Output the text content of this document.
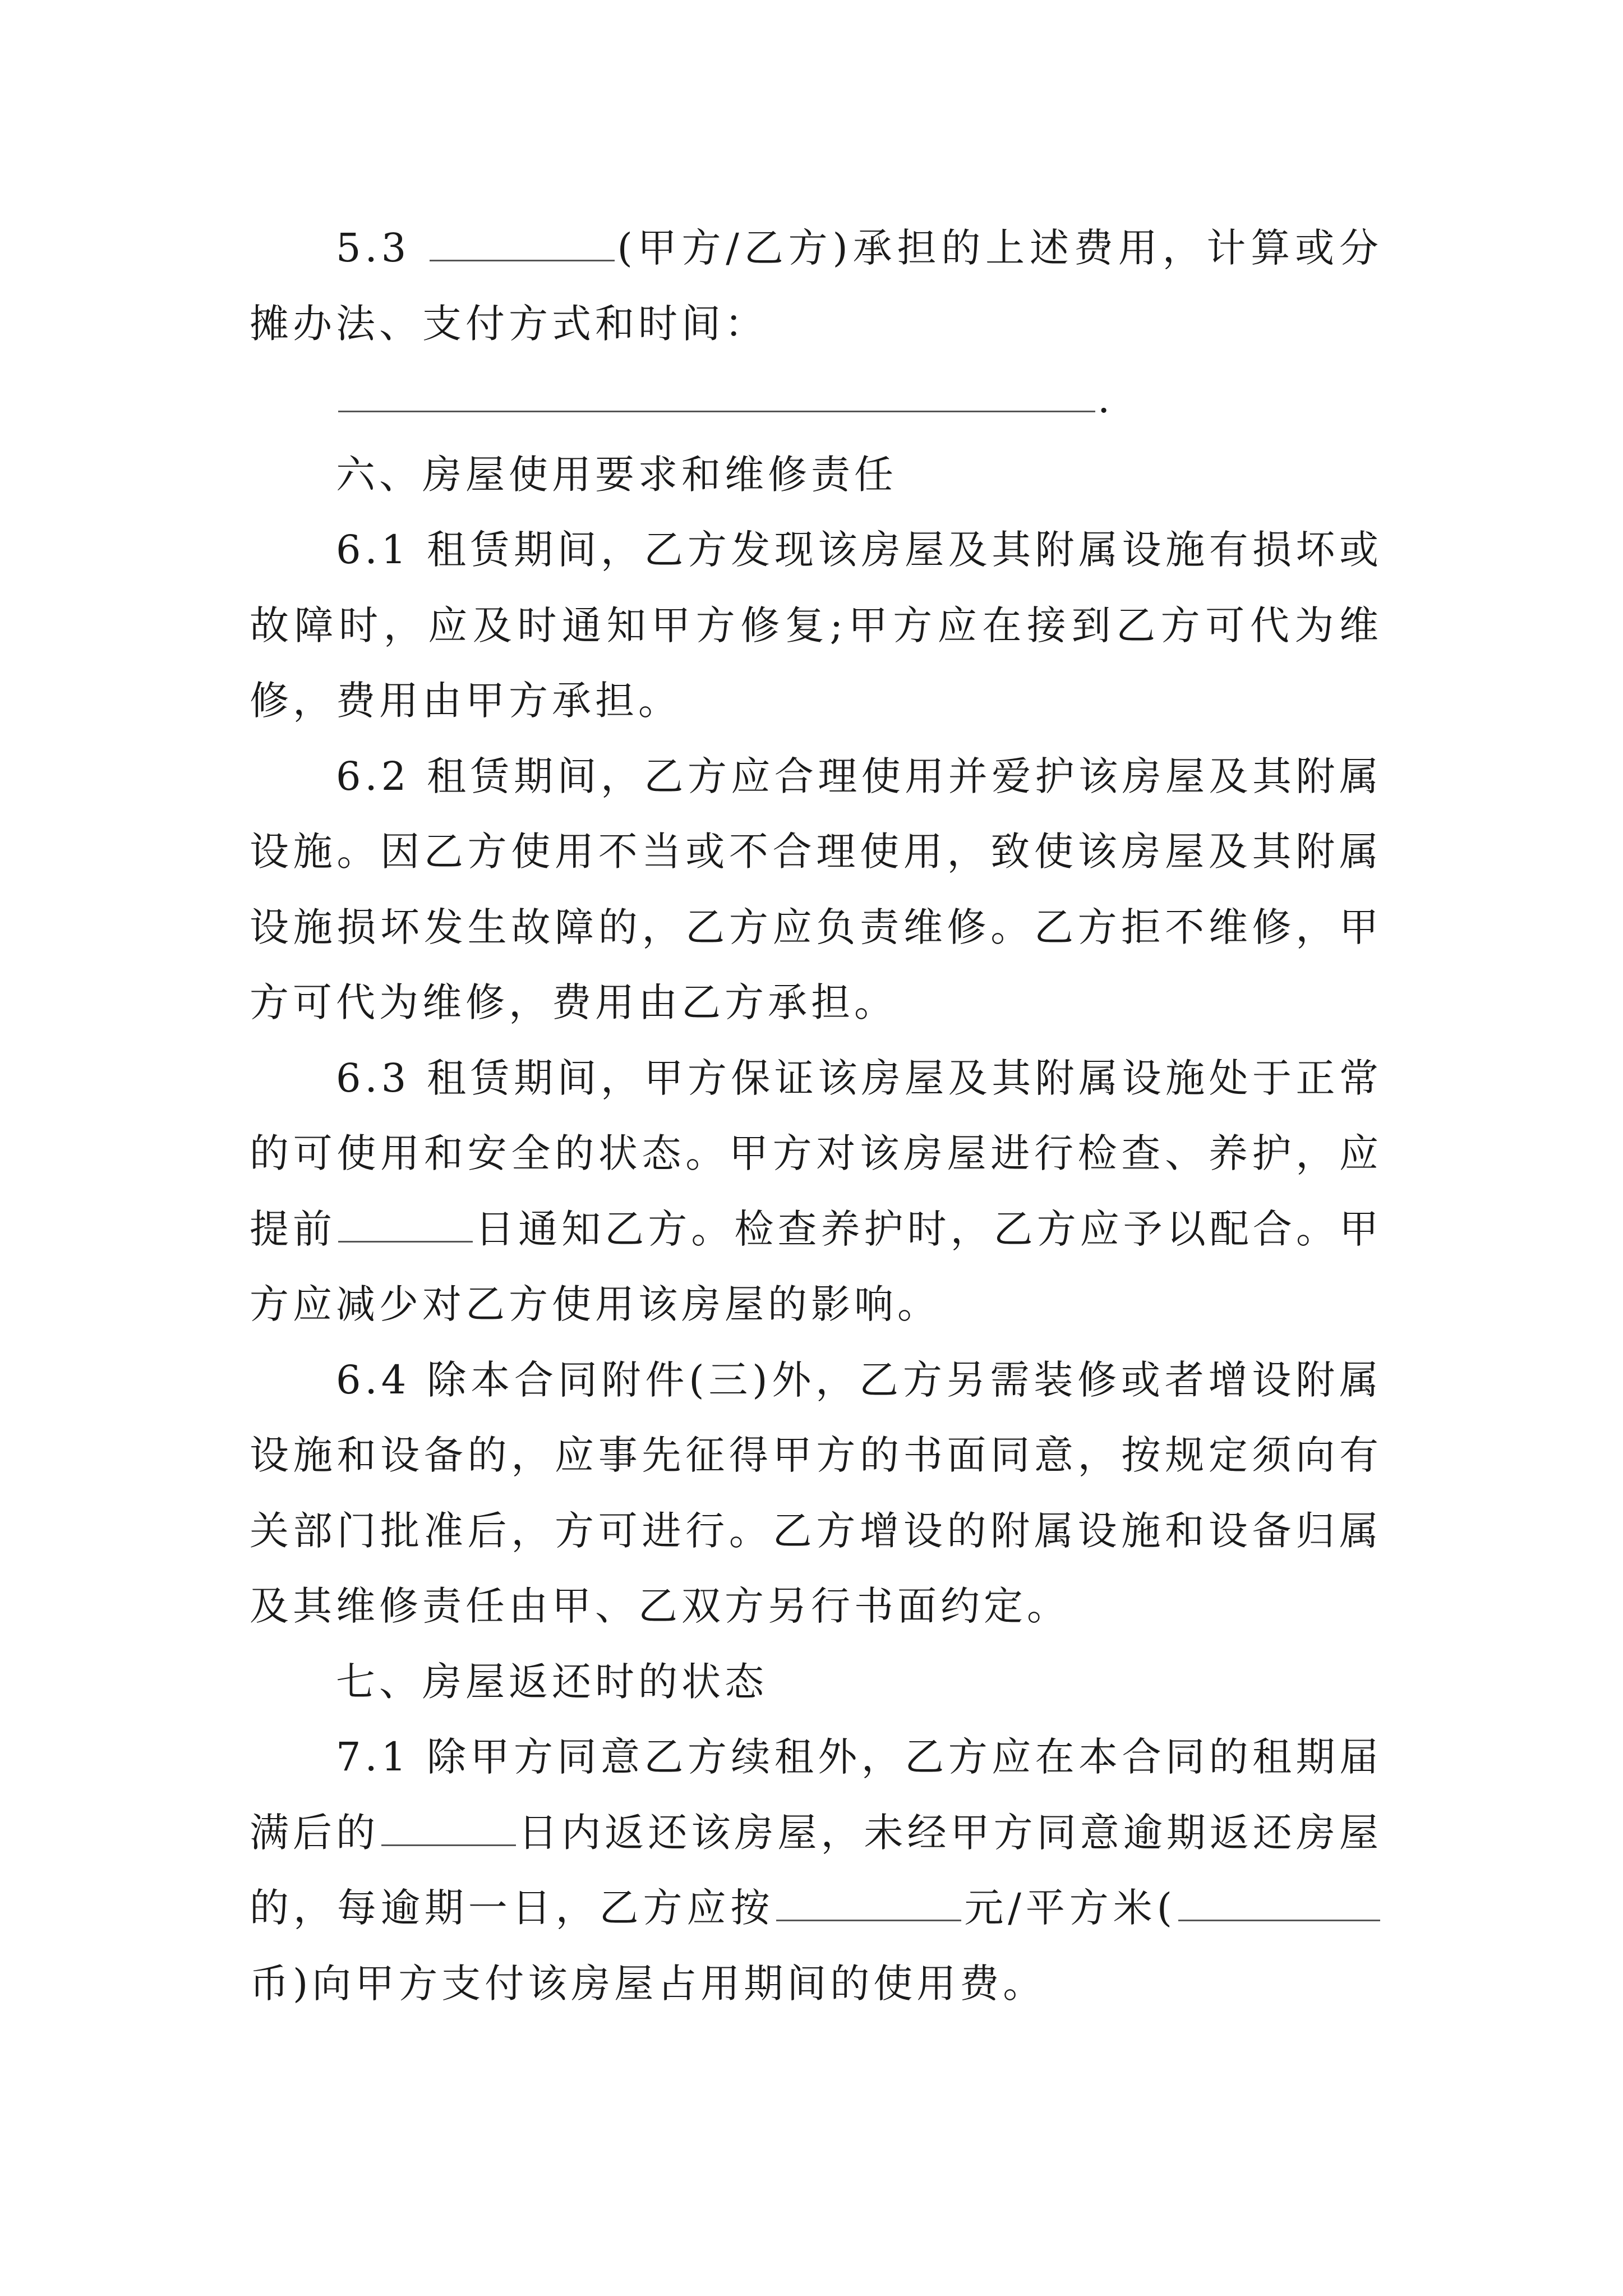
5.3	(甲方/乙方)承担的上述费用，计算或分摊办法、支付方式和时间：

.

六、房屋使用要求和维修责任

6.1 租赁期间，乙方发现该房屋及其附属设施有损坏或故障时，应及时通知甲方修复;甲方应在接到乙方可代为维修，费用由甲方承担。

6.2 租赁期间，乙方应合理使用并爱护该房屋及其附属设施。因乙方使用不当或不合理使用，致使该房屋及其附属设施损坏发生故障的，乙方应负责维修。乙方拒不维修，甲方可代为维修，费用由乙方承担。

6.3 租赁期间，甲方保证该房屋及其附属设施处于正常的可使用和安全的状态。甲方对该房屋进行检查、养护，应提前	日通知乙方。检查养护时，乙方应予以配合。甲方应减少对乙方使用该房屋的影响。

6.4 除本合同附件(三)外，乙方另需装修或者增设附属设施和设备的，应事先征得甲方的书面同意，按规定须向有关部门批准后，方可进行。乙方增设的附属设施和设备归属及其维修责任由甲、乙双方另行书面约定。

七、房屋返还时的状态

7.1 除甲方同意乙方续租外，乙方应在本合同的租期届满后的	日内返还该房屋，未经甲方同意逾期返还房屋的，每逾期一日，乙方应按	元/平方米(币)向甲方支付该房屋占用期间的使用费。
